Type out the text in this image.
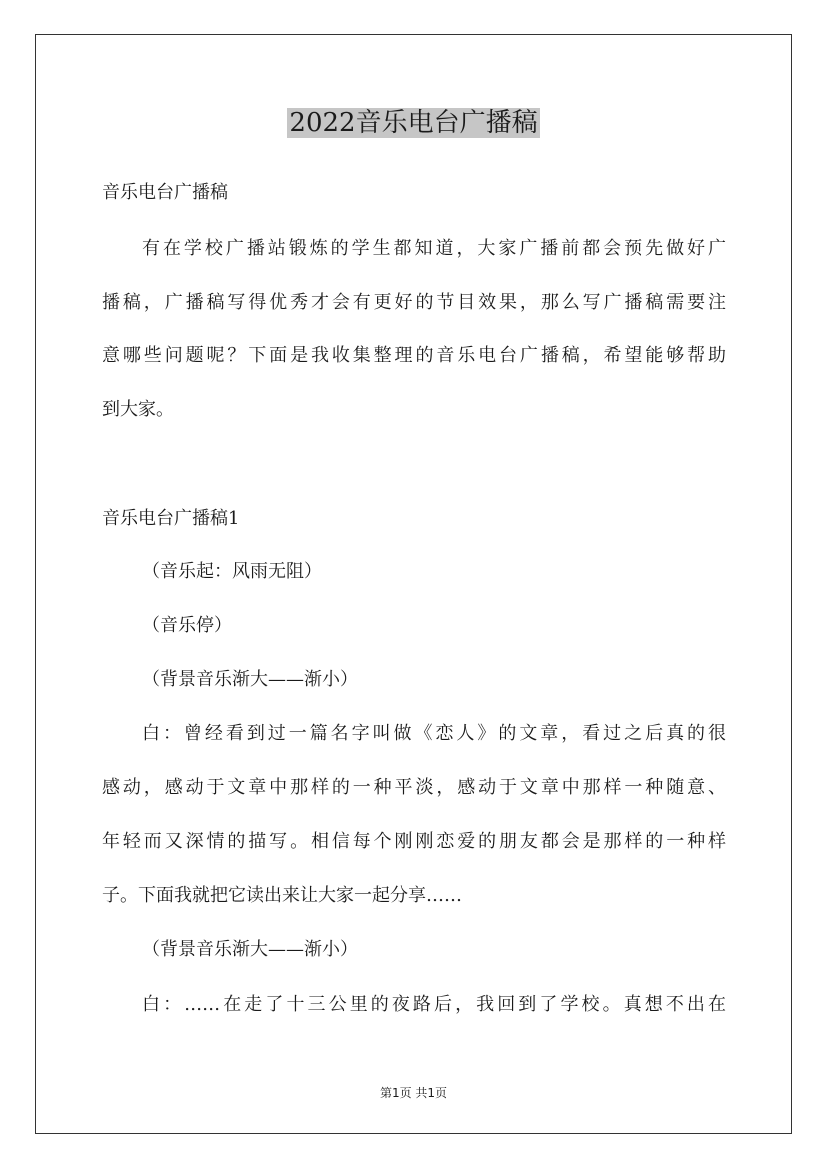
2022音乐电台广播稿
音乐电台广播稿
有在学校广播站锻炼的学生都知道，大家广播前都会预先做好广
播稿，广播稿写得优秀才会有更好的节目效果，那么写广播稿需要注
意哪些问题呢？下面是我收集整理的音乐电台广播稿，希望能够帮助
到大家。
音乐电台广播稿1
（音乐起：风雨无阻）
（音乐停）
（背景音乐渐大——渐小）
白：曾经看到过一篇名字叫做《恋人》的文章，看过之后真的很
感动，感动于文章中那样的一种平淡，感动于文章中那样一种随意、
年轻而又深情的描写。相信每个刚刚恋爱的朋友都会是那样的一种样
子。下面我就把它读出来让大家一起分享……
（背景音乐渐大——渐小）
白：……在走了十三公里的夜路后，我回到了学校。真想不出在
第1页 共1页
